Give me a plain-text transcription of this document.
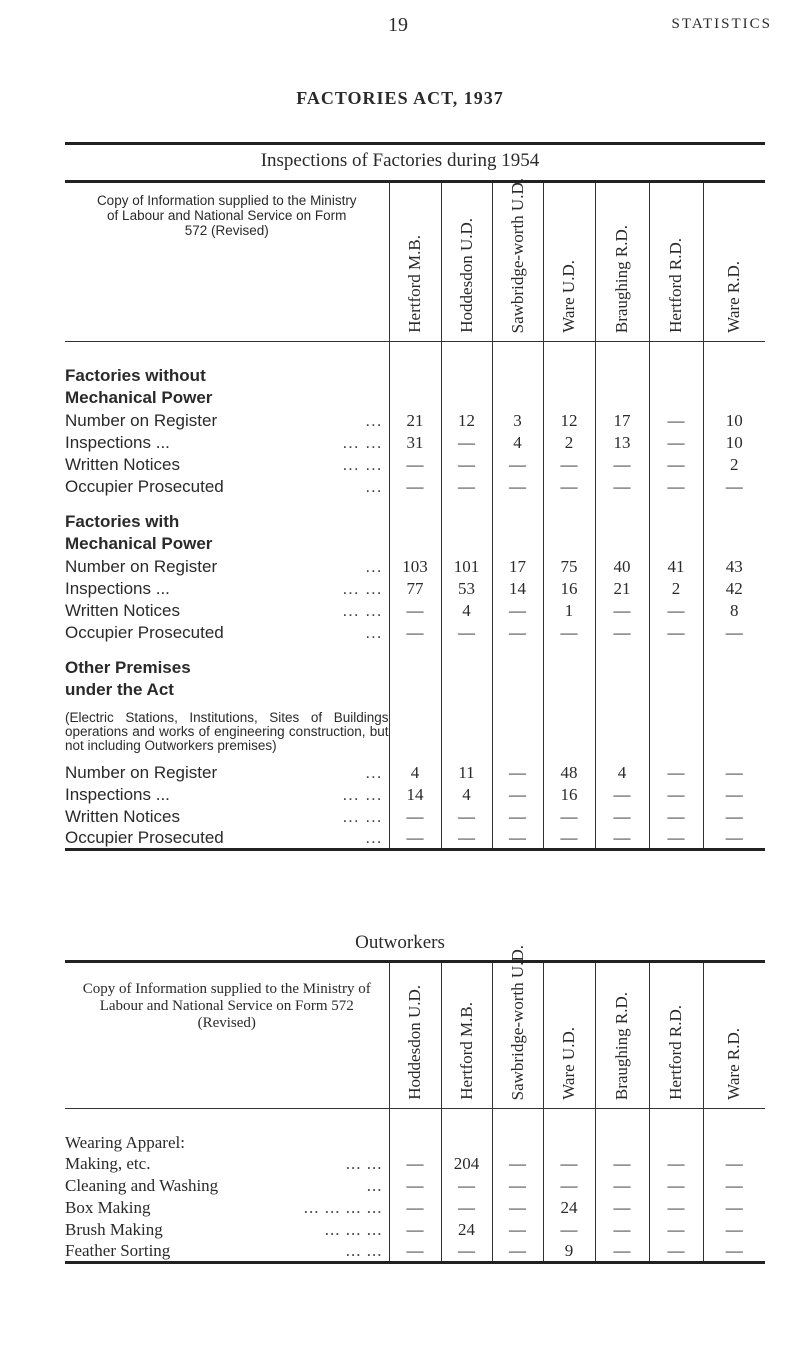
19	STATISTICS
FACTORIES ACT, 1937
Inspections of Factories during 1954
Copy of Information supplied to the Ministry of Labour and National Service on Form 572 (Revised)	Hertford M.B.	Hoddesdon U.D.	Sawbridge-worth U.D.	Ware U.D.	Braughing R.D.	Hertford R.D.	Ware R.D.

Factories without							
Mechanical Power							

Number on Register ...	21	12	3	12	17	—	10

Inspections ... ... ...	31	—	4	2	13	—	10

Written Notices ... ...	—	—	—	—	—	—	2

Occupier Prosecuted ...	—	—	—	—	—	—	—
Factories with							
Mechanical Power							

Number on Register ...	103	101	17	75	40	41	43

Inspections ... ... ...	77	53	14	16	21	2	42

Written Notices ... ...	—	4	—	1	—	—	8

Occupier Prosecuted ...	—	—	—	—	—	—	—
Other Premises							
under the Act							
(Electric Stations, Institutions, Sites of Buildings operations and works of engineering construction, but not including Outworkers premises)							

Number on Register ...	4	11	—	48	4	—	—

Inspections ... ... ...	14	4	—	16	—	—	—

Written Notices ... ...	—	—	—	—	—	—	—

Occupier Prosecuted ...	—	—	—	—	—	—	—
Outworkers
Copy of Information supplied to the Ministry of Labour and National Service on Form 572 (Revised)	Hoddesdon U.D.	Hertford M.B.	Sawbridge-worth U.D.	Ware U.D.	Braughing R.D.	Hertford R.D.	Ware R.D.

Wearing Apparel:							

Making, etc. ... ...	—	204	—	—	—	—	—

Cleaning and Washing ...	—	—	—	—	—	—	—

Box Making ... ... ... ...	—	—	—	24	—	—	—

Brush Making ... ... ...	—	24	—	—	—	—	—

Feather Sorting ... ...	—	—	—	9	—	—	—
